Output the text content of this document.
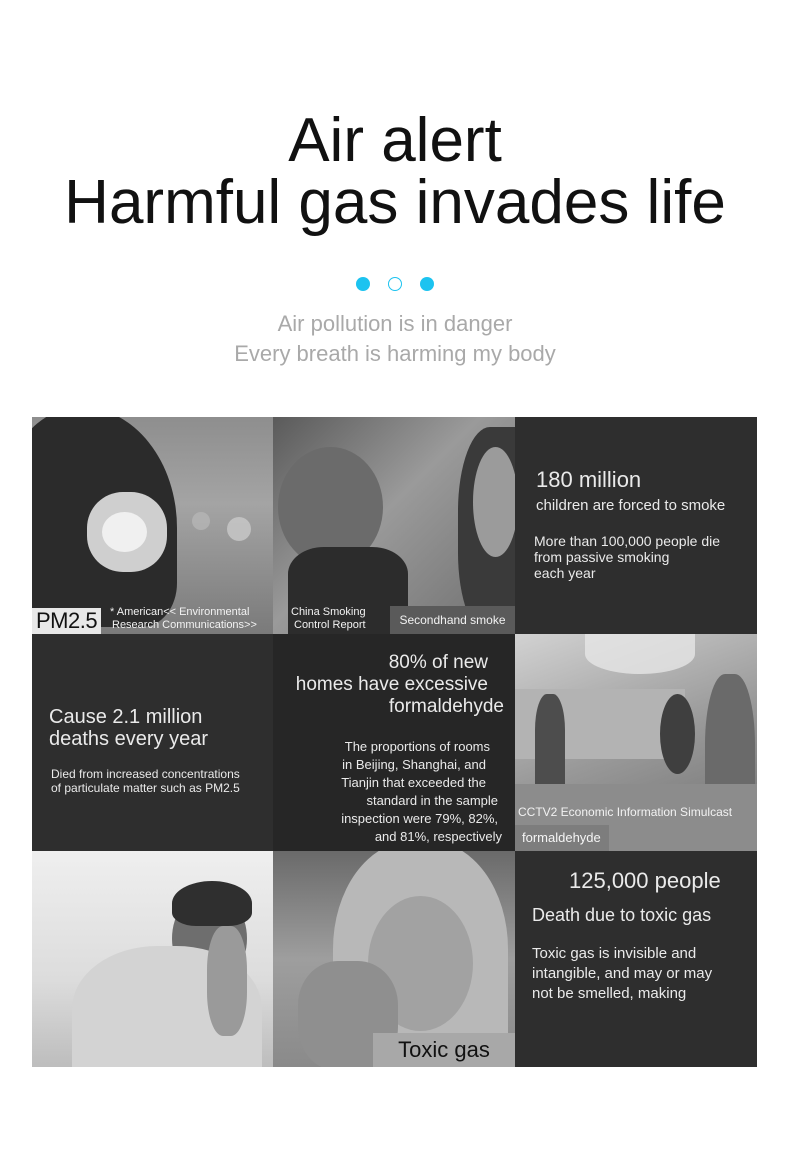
Air alert
Harmful gas invades life
Air pollution is in danger
Every breath is harming my body
PM2.5	* American<< Environmental
Research Communications>>
China Smoking
Control Report	Secondhand smoke
180 million
children are forced to smoke
More than 100,000 people die
from passive smoking
each year
Cause 2.1 million
deaths every year
Died from increased concentrations
of particulate matter such as PM2.5
80% of new
homes have excessive
formaldehyde
The proportions of rooms
in Beijing, Shanghai, and
Tianjin that exceeded the
standard in the sample
inspection were 79%, 82%,
and 81%, respectively
CCTV2 Economic Information Simulcast
formaldehyde
Toxic gas
125,000 people
Death due to toxic gas
Toxic gas is invisible and
intangible, and may or may
not be smelled, making
